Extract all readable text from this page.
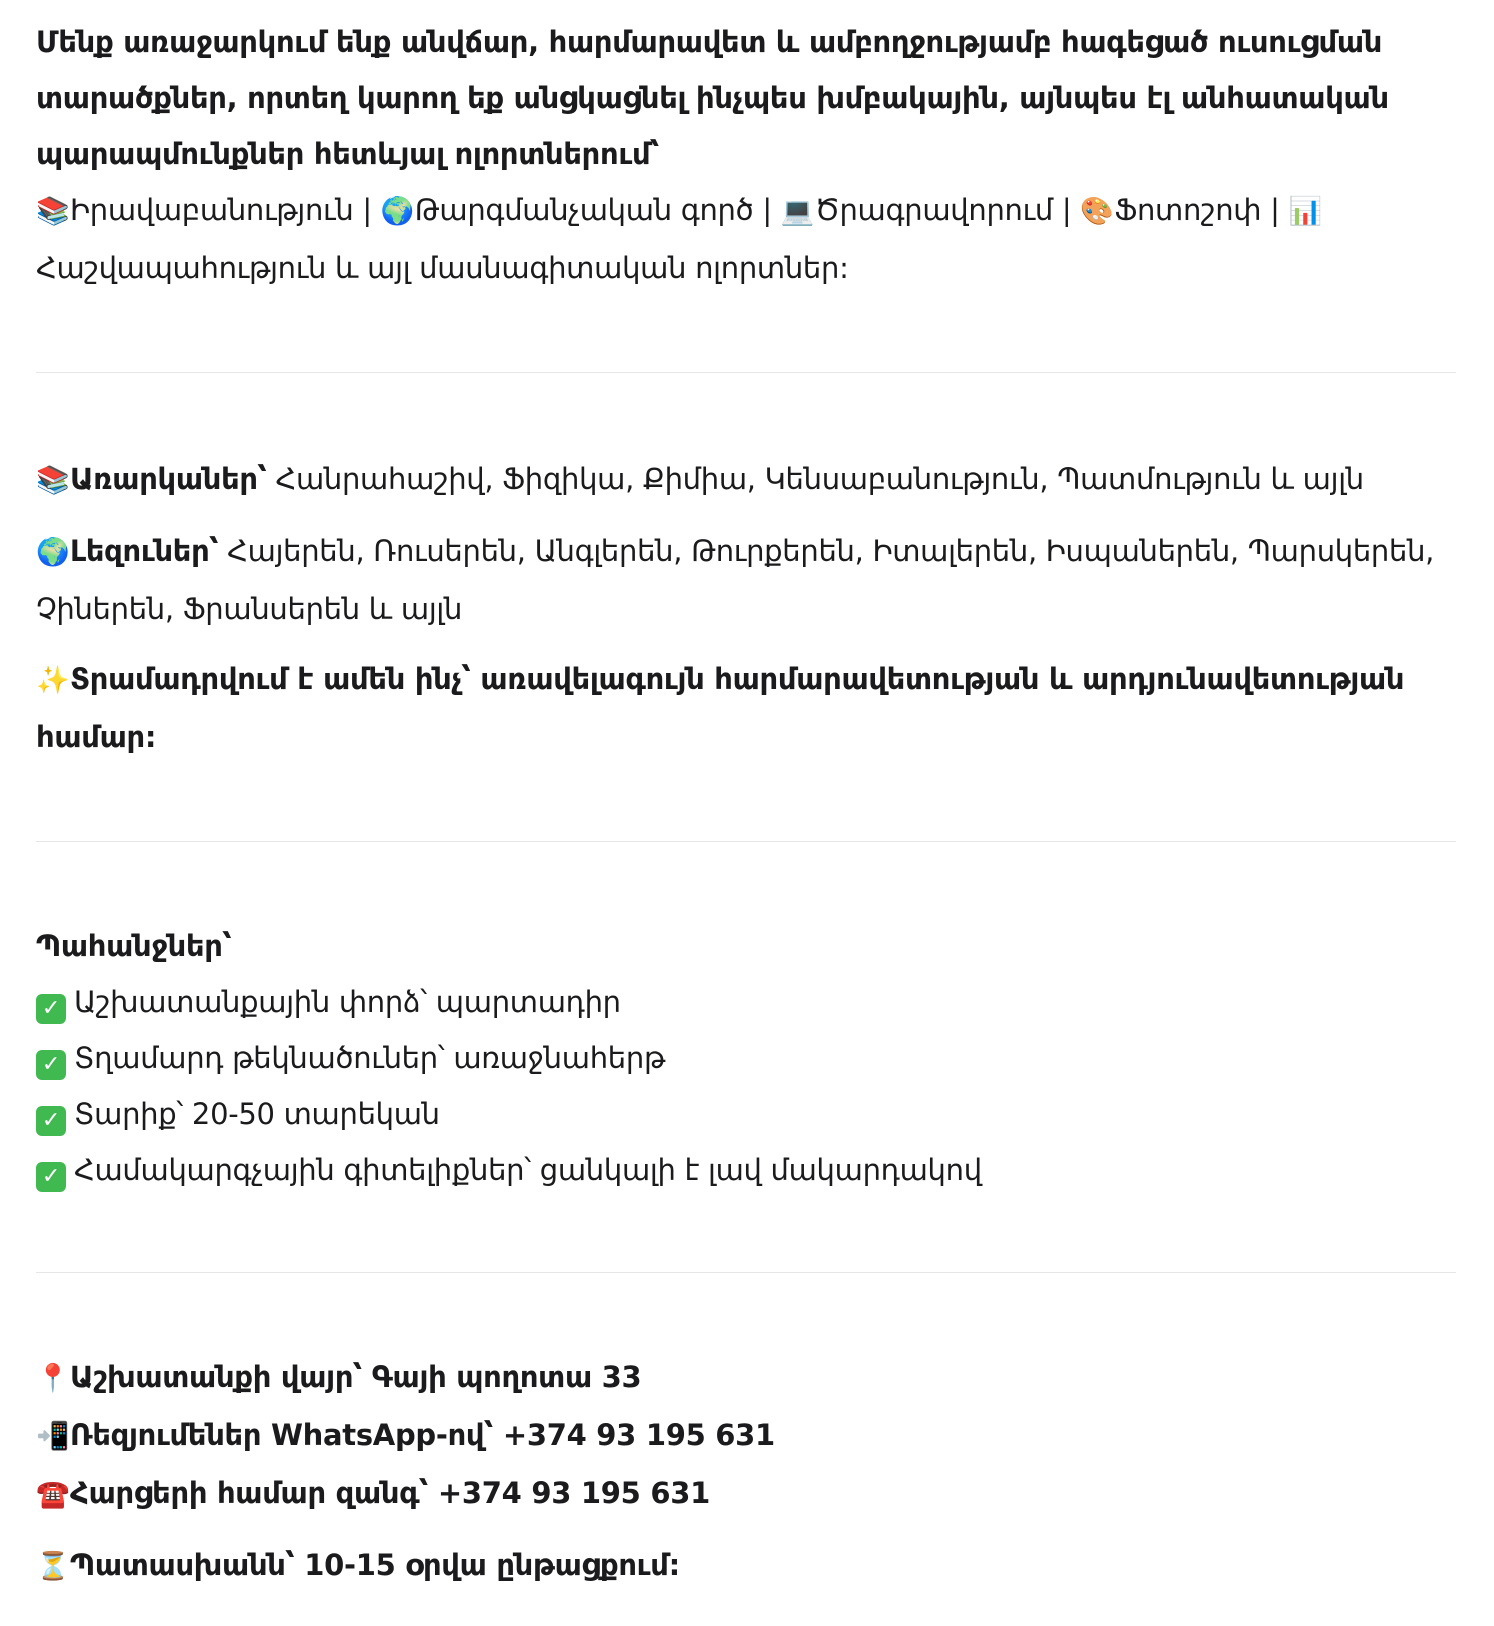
Մենք առաջարկում ենք անվճար, հարմարավետ և ամբողջությամբ հագեցած ուսուցման
տարածքներ, որտեղ կարող եք անցկացնել ինչպես խմբակային, այնպես էլ անհատական
պարապմունքներ հետևյալ ոլորտներում՝
📚Իրավաբանություն | 🌍Թարգմանչական գործ | 💻Ծրագրավորում | 🎨Ֆոտոշոփ | 📊
Հաշվապահություն և այլ մասնագիտական ոլորտներ:
📚Առարկաներ՝ Հանրահաշիվ, Ֆիզիկա, Քիմիա, Կենսաբանություն, Պատմություն և այլն
🌍Լեզուներ՝ Հայերեն, Ռուսերեն, Անգլերեն, Թուրքերեն, Իտալերեն, Իսպաներեն, Պարսկերեն,
Չիներեն, Ֆրանսերեն և այլն
✨Տրամադրվում է ամեն ինչ՝ առավելագույն հարմարավետության և արդյունավետության
համար:
Պահանջներ՝
✓ Աշխատանքային փորձ՝ պարտադիր
✓ Տղամարդ թեկնածուներ՝ առաջնահերթ
✓ Տարիք՝ 20-50 տարեկան
✓ Համակարգչային գիտելիքներ՝ ցանկալի է լավ մակարդակով
📍Աշխատանքի վայր՝ Գայի պողոտա 33
📲Ռեզյումեներ WhatsApp-ով՝ +374 93 195 631
☎️Հարցերի համար զանգ՝ +374 93 195 631
⏳Պատասխանն՝ 10-15 օրվա ընթացքում:
